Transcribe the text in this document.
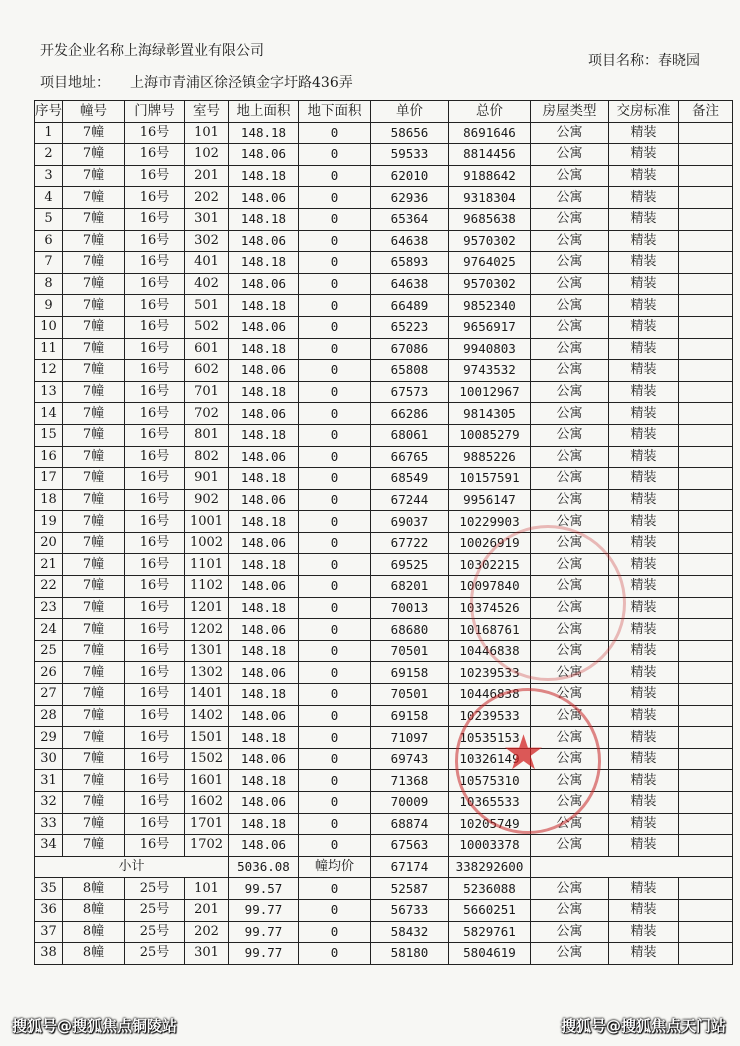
开发企业名称上海绿彰置业有限公司
项目名称：春晓园
项目地址： 上海市青浦区徐泾镇金字圩路436弄
序号	幢号	门牌号	室号	地上面积	地下面积	单价	总价	房屋类型	交房标准	备注
1	7幢	16号	101	148.18	0	58656	8691646	公寓	精装	
2	7幢	16号	102	148.06	0	59533	8814456	公寓	精装	
3	7幢	16号	201	148.18	0	62010	9188642	公寓	精装	
4	7幢	16号	202	148.06	0	62936	9318304	公寓	精装	
5	7幢	16号	301	148.18	0	65364	9685638	公寓	精装	
6	7幢	16号	302	148.06	0	64638	9570302	公寓	精装	
7	7幢	16号	401	148.18	0	65893	9764025	公寓	精装	
8	7幢	16号	402	148.06	0	64638	9570302	公寓	精装	
9	7幢	16号	501	148.18	0	66489	9852340	公寓	精装	
10	7幢	16号	502	148.06	0	65223	9656917	公寓	精装	
11	7幢	16号	601	148.18	0	67086	9940803	公寓	精装	
12	7幢	16号	602	148.06	0	65808	9743532	公寓	精装	
13	7幢	16号	701	148.18	0	67573	10012967	公寓	精装	
14	7幢	16号	702	148.06	0	66286	9814305	公寓	精装	
15	7幢	16号	801	148.18	0	68061	10085279	公寓	精装	
16	7幢	16号	802	148.06	0	66765	9885226	公寓	精装	
17	7幢	16号	901	148.18	0	68549	10157591	公寓	精装	
18	7幢	16号	902	148.06	0	67244	9956147	公寓	精装	
19	7幢	16号	1001	148.18	0	69037	10229903	公寓	精装	
20	7幢	16号	1002	148.06	0	67722	10026919	公寓	精装	
21	7幢	16号	1101	148.18	0	69525	10302215	公寓	精装	
22	7幢	16号	1102	148.06	0	68201	10097840	公寓	精装	
23	7幢	16号	1201	148.18	0	70013	10374526	公寓	精装	
24	7幢	16号	1202	148.06	0	68680	10168761	公寓	精装	
25	7幢	16号	1301	148.18	0	70501	10446838	公寓	精装	
26	7幢	16号	1302	148.06	0	69158	10239533	公寓	精装	
27	7幢	16号	1401	148.18	0	70501	10446838	公寓	精装	
28	7幢	16号	1402	148.06	0	69158	10239533	公寓	精装	
29	7幢	16号	1501	148.18	0	71097	10535153	公寓	精装	
30	7幢	16号	1502	148.06	0	69743	10326149	公寓	精装	
31	7幢	16号	1601	148.18	0	71368	10575310	公寓	精装	
32	7幢	16号	1602	148.06	0	70009	10365533	公寓	精装	
33	7幢	16号	1701	148.18	0	68874	10205749	公寓	精装	
34	7幢	16号	1702	148.06	0	67563	10003378	公寓	精装	
小计				5036.08	幢均价	67174	338292600			
35	8幢	25号	101	99.57	0	52587	5236088	公寓	精装	
36	8幢	25号	201	99.77	0	56733	5660251	公寓	精装	
37	8幢	25号	202	99.77	0	58432	5829761	公寓	精装	
38	8幢	25号	301	99.77	0	58180	5804619	公寓	精装	
★
搜狐号@搜狐焦点铜陵站	搜狐号@搜狐焦点天门站
